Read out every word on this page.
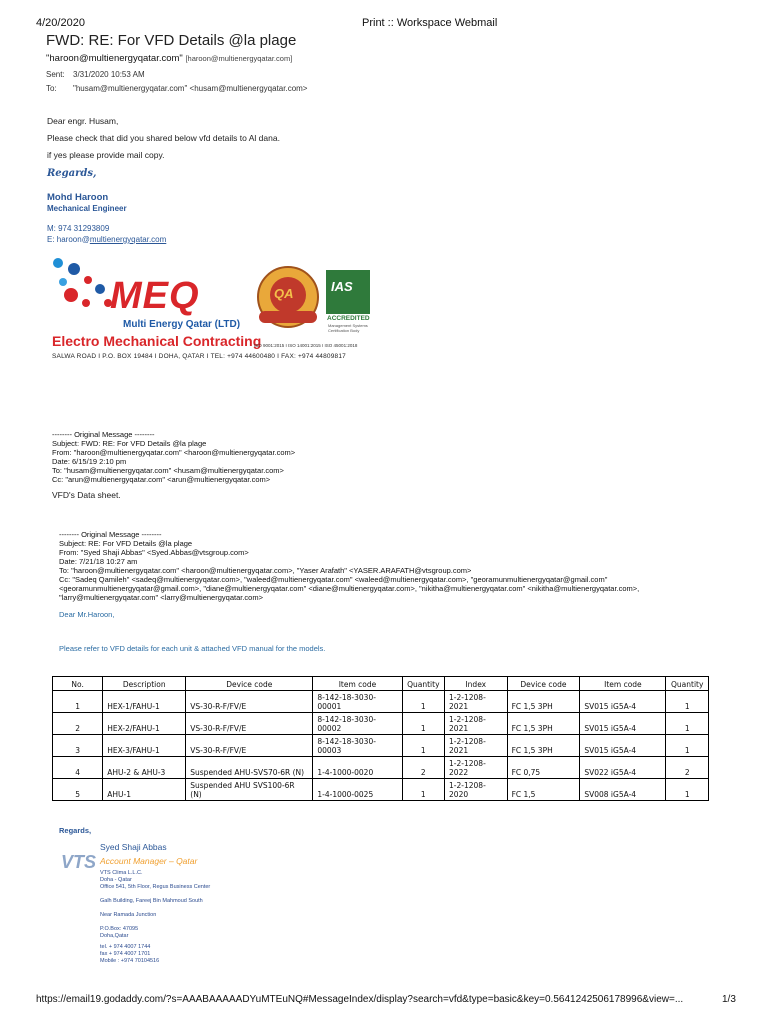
4/20/2020	Print :: Workspace Webmail
FWD: RE: For VFD Details @la plage
"haroon@multienergyqatar.com" [haroon@multienergyqatar.com]
Sent: 3/31/2020 10:53 AM
To: "husam@multienergyqatar.com" <husam@multienergyqatar.com>
Dear engr. Husam,
Please check that did you shared below vfd details to Al dana.
if yes please provide mail copy.
Regards,
Mohd Haroon
Mechanical Engineer
M: 974 31293809
E: haroon@multienergyqatar.com
MEQ
Multi Energy Qatar (LTD)
Electro Mechanical Contracting
SALWA ROAD I P.O. BOX 19484 I DOHA, QATAR I TEL: +974 44600480 I FAX: +974 44809817
QA	IAS
ACCREDITED
Management Systems Certification Body
ISO 9001:2015 I ISO 14001:2015 I ISO 45001:2018
-------- Original Message --------
Subject: FWD: RE: For VFD Details @la plage
From: "haroon@multienergyqatar.com" <haroon@multienergyqatar.com>
Date: 6/15/19 2:10 pm
To: "husam@multienergyqatar.com" <husam@multienergyqatar.com>
Cc: "arun@multienergyqatar.com" <arun@multienergyqatar.com>
VFD's Data sheet.
-------- Original Message --------
Subject: RE: For VFD Details @la plage
From: "Syed Shaji Abbas" <Syed.Abbas@vtsgroup.com>
Date: 7/21/18 10:27 am
To: "haroon@multienergyqatar.com" <haroon@multienergyqatar.com>, "Yaser Arafath" <YASER.ARAFATH@vtsgroup.com>
Cc: "Sadeq Qamileh" <sadeq@multienergyqatar.com>, "waleed@multienergyqatar.com" <waleed@multienergyqatar.com>, "georamunmultienergyqatar@gmail.com"
<georamunmultienergyqatar@gmail.com>, "diane@multienergyqatar.com" <diane@multienergyqatar.com>, "nikitha@multienergyqatar.com" <nikitha@multienergyqatar.com>,
"larry@multienergyqatar.com" <larry@multienergyqatar.com>
Dear Mr.Haroon,
Please refer to VFD details for each unit & attached VFD manual for the models.
No.	Description	Device code	Item code	Quantity	Index	Device code	Item code	Quantity
1	HEX-1/FAHU-1	VS-30-R-F/FV/E	8-142-18-3030-00001	1	1-2-1208-2021	FC 1,5 3PH	SV015 iG5A-4	1
2	HEX-2/FAHU-1	VS-30-R-F/FV/E	8-142-18-3030-00002	1	1-2-1208-2021	FC 1,5 3PH	SV015 iG5A-4	1
3	HEX-3/FAHU-1	VS-30-R-F/FV/E	8-142-18-3030-00003	1	1-2-1208-2021	FC 1,5 3PH	SV015 iG5A-4	1
4	AHU-2 & AHU-3	Suspended AHU-SVS70-6R (N)	1-4-1000-0020	2	1-2-1208-2022	FC 0,75	SV022 iG5A-4	2
5	AHU-1	Suspended AHU SVS100-6R (N)	1-4-1000-0025	1	1-2-1208-2020	FC 1,5	SV008 iG5A-4	1
Regards,
Syed Shaji Abbas
VTS Account Manager – Qatar
VTS Clima L.L.C.
Doha - Qatar
Office 541, 5th Floor, Regus Business Center
Galh Building, Fareej Bin Mahmoud South
Near Ramada Junction
P.O.Box: 47095
Doha,Qatar
tel. + 974 4007 1744
fax + 974 4007 1701
Mobile : +974 70104516
https://email19.godaddy.com/?s=AAABAAAAADYuMTEuNQ#MessageIndex/display?search=vfd&type=basic&key=0.5641242506178996&view=...	1/3
